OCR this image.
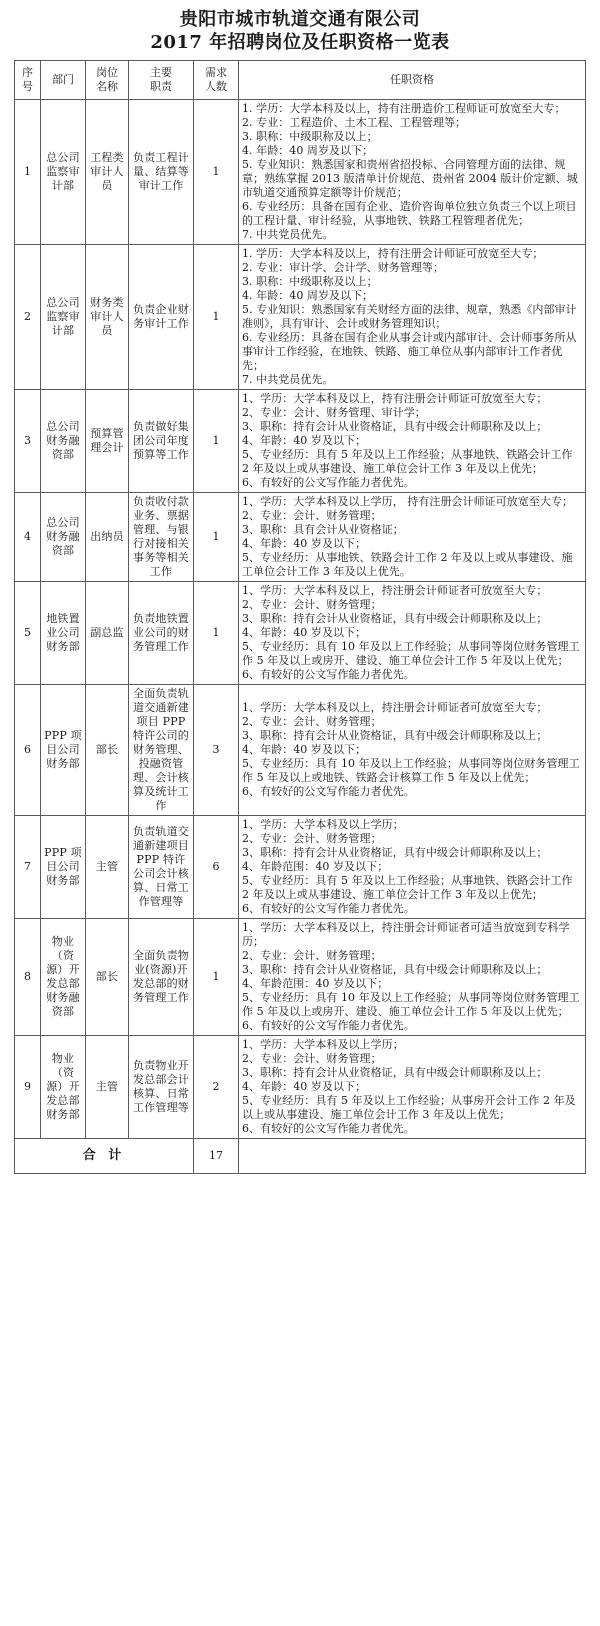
贵阳市城市轨道交通有限公司
2017 年招聘岗位及任职资格一览表
序
号	部门	岗位
名称	主要
职责	需求
人数	任职资格
1	总公司监察审计部	工程类审计人员	负责工程计量、结算等审计工作	1	
1. 学历：大学本科及以上，持有注册造价工程师证可放宽至大专；
2. 专业：工程造价、土木工程、工程管理等；
3. 职称：中级职称及以上；
4. 年龄：40 周岁及以下；
5. 专业知识：熟悉国家和贵州省招投标、合同管理方面的法律、规章；熟练掌握 2013 版清单计价规范、贵州省 2004 版计价定额、城市轨道交通预算定额等计价规范；
6. 专业经历：具备在国有企业、造价咨询单位独立负责三个以上项目的工程计量、审计经验，从事地铁、铁路工程管理者优先；
7. 中共党员优先。

2	总公司监察审计部	财务类审计人员	负责企业财务审计工作	1	
1. 学历：大学本科及以上，持有注册会计师证可放宽至大专；
2. 专业：审计学、会计学、财务管理等；
3. 职称：中级职称及以上；
4. 年龄：40 周岁及以下；
5. 专业知识：熟悉国家有关财经方面的法律、规章，熟悉《内部审计准则》，具有审计、会计或财务管理知识；
6. 专业经历：具备在国有企业从事会计或内部审计、会计师事务所从事审计工作经验，在地铁、铁路、施工单位从事内部审计工作者优先；
7. 中共党员优先。

3	总公司财务融资部	预算管理会计	负责做好集团公司年度预算等工作	1	
1、学历：大学本科及以上，持有注册会计师证可放宽至大专；
2、专业：会计、财务管理、审计学；
3、职称：持有会计从业资格证，具有中级会计师职称及以上；
4、年龄：40 岁及以下；
5、专业经历：具有 5 年及以上工作经验；从事地铁、铁路会计工作 2 年及以上或从事建设、施工单位会计工作 3 年及以上优先；
6、有较好的公文写作能力者优先。

4	总公司财务融资部	出纳员	负责收付款业务、票据管理、与银行对接相关事务等相关工作	1	1、学历：大学本科及以上学历， 持有注册会计师证可放宽至大专；
2、专业：会计、财务管理；
3、职称：具有会计从业资格证；
4、年龄：40 岁及以下；
5、专业经历：从事地铁、铁路会计工作 2 年及以上或从事建设、施工单位会计工作 3 年及以上优先。

5	地铁置业公司财务部	副总监	负责地铁置业公司的财务管理工作	1	
1、学历：大学本科及以上，持注册会计师证者可放宽至大专；
2、专业：会计、财务管理；
3、职称：持有会计从业资格证，具有中级会计师职称及以上；
4、年龄：40 岁及以下；
5、专业经历：具有 10 年及以上工作经验；从事同等岗位财务管理工作 5 年及以上或房开、建设、施工单位会计工作 5 年及以上优先；
6、有较好的公文写作能力者优先。

6	PPP 项目公司财务部	部长	全面负责轨道交通新建项目 PPP 特许公司的财务管理、投融资管理、会计核算及统计工作	3	
1、学历：大学本科及以上，持注册会计师证者可放宽至大专；
2、专业：会计、财务管理；
3、职称：持有会计从业资格证，具有中级会计师职称及以上；
4、年龄：40 岁及以下；
5、专业经历：具有 10 年及以上工作经验；从事同等岗位财务管理工作 5 年及以上或地铁、铁路会计核算工作 5 年及以上优先；
6、有较好的公文写作能力者优先。

7	PPP 项目公司财务部	主管	负责轨道交通新建项目 PPP 特许公司会计核算、日常工作管理等	6	
1、学历：大学本科及以上学历；
2、专业：会计、财务管理；
3、职称：持有会计从业资格证，具有中级会计师职称及以上；
4、年龄范围：40 岁及以下；
5、专业经历：具有 5 年及以上工作经验；从事地铁、铁路会计工作 2 年及以上或从事建设、施工单位会计工作 3 年及以上优先；
6、有较好的公文写作能力者优先。

8	物业（资源）开发总部财务融资部	部长	全面负责物业(资源)开发总部的财务管理工作	1	
1、学历：大学本科及以上，持注册会计师证者可适当放宽到专科学历；
2、专业：会计、财务管理；
3、职称：持有会计从业资格证，具有中级会计师职称及以上；
4、年龄范围：40 岁及以下；
5、专业经历：具有 10 年及以上工作经验；从事同等岗位财务管理工作 5 年及以上或房开、建设、施工单位会计工作 5 年及以上优先；
6、有较好的公文写作能力者优先。

9	物业（资源）开发总部财务部	主管	负责物业开发总部会计核算、日常工作管理等	2	
1、学历：大学本科及以上学历；
2、专业：会计、财务管理；
3、职称：持有会计从业资格证，具有中级会计师职称及以上；
4、年龄：40 岁及以下；
5、专业经历：具有 5 年及以上工作经验；从事房开会计工作 2 年及以上或从事建设、施工单位会计工作 3 年及以上优先；
6、有较好的公文写作能力者优先。

合 计				17	
